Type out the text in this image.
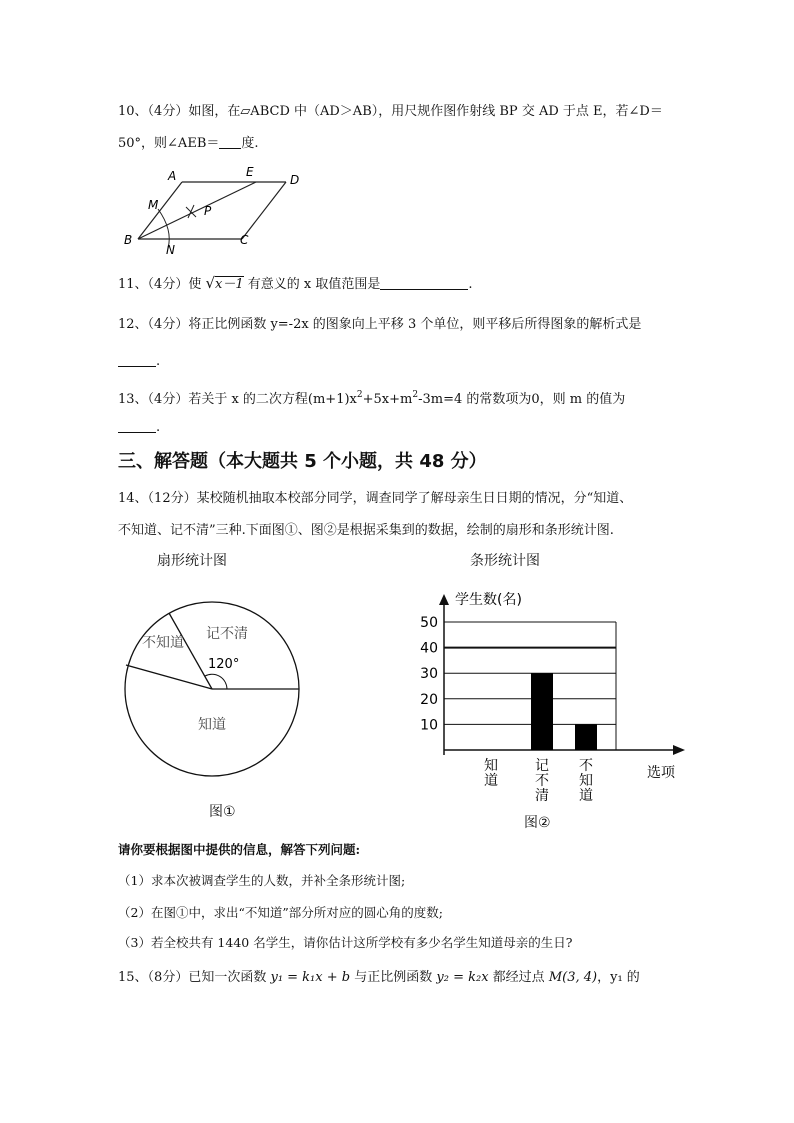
10、（4分）如图，在▱ABCD 中（AD＞AB），用尺规作图作射线 BP 交 AD 于点 E，若∠D＝
50°，则∠AEB＝ 度.
A	E
D
M	P
B
N
C
11、（4分）使 √x－1 有意义的 x 取值范围是	.
12、（4分）将正比例函数 y=-2x 的图象向上平移 3 个单位，则平移后所得图象的解析式是
.
13、（4分）若关于 x 的二次方程$(m+1)x^2+5x+m^2-3m=4$ 的常数项为0，则 m 的值为
.
三、解答题（本大题共 5 个小题，共 48 分）
14、（12分）某校随机抽取本校部分同学，调查同学了解母亲生日日期的情况，分“知道、
不知道、记不清”三种.下面图①、图②是根据采集到的数据，绘制的扇形和条形统计图.
扇形统计图	条形统计图
120°
记不清
不知道
知道
图①
学生数(名)
选项
10
20
30
40
50
知道
记不清
不知道
图②
请你要根据图中提供的信息，解答下列问题:
（1）求本次被调查学生的人数，并补全条形统计图;
（2）在图①中，求出“不知道”部分所对应的圆心角的度数;
（3）若全校共有 1440 名学生，请你估计这所学校有多少名学生知道母亲的生日?
15、（8分）已知一次函数 y₁ = k₁x + b 与正比例函数 y₂ = k₂x 都经过点 M(3, 4)，y₁ 的
